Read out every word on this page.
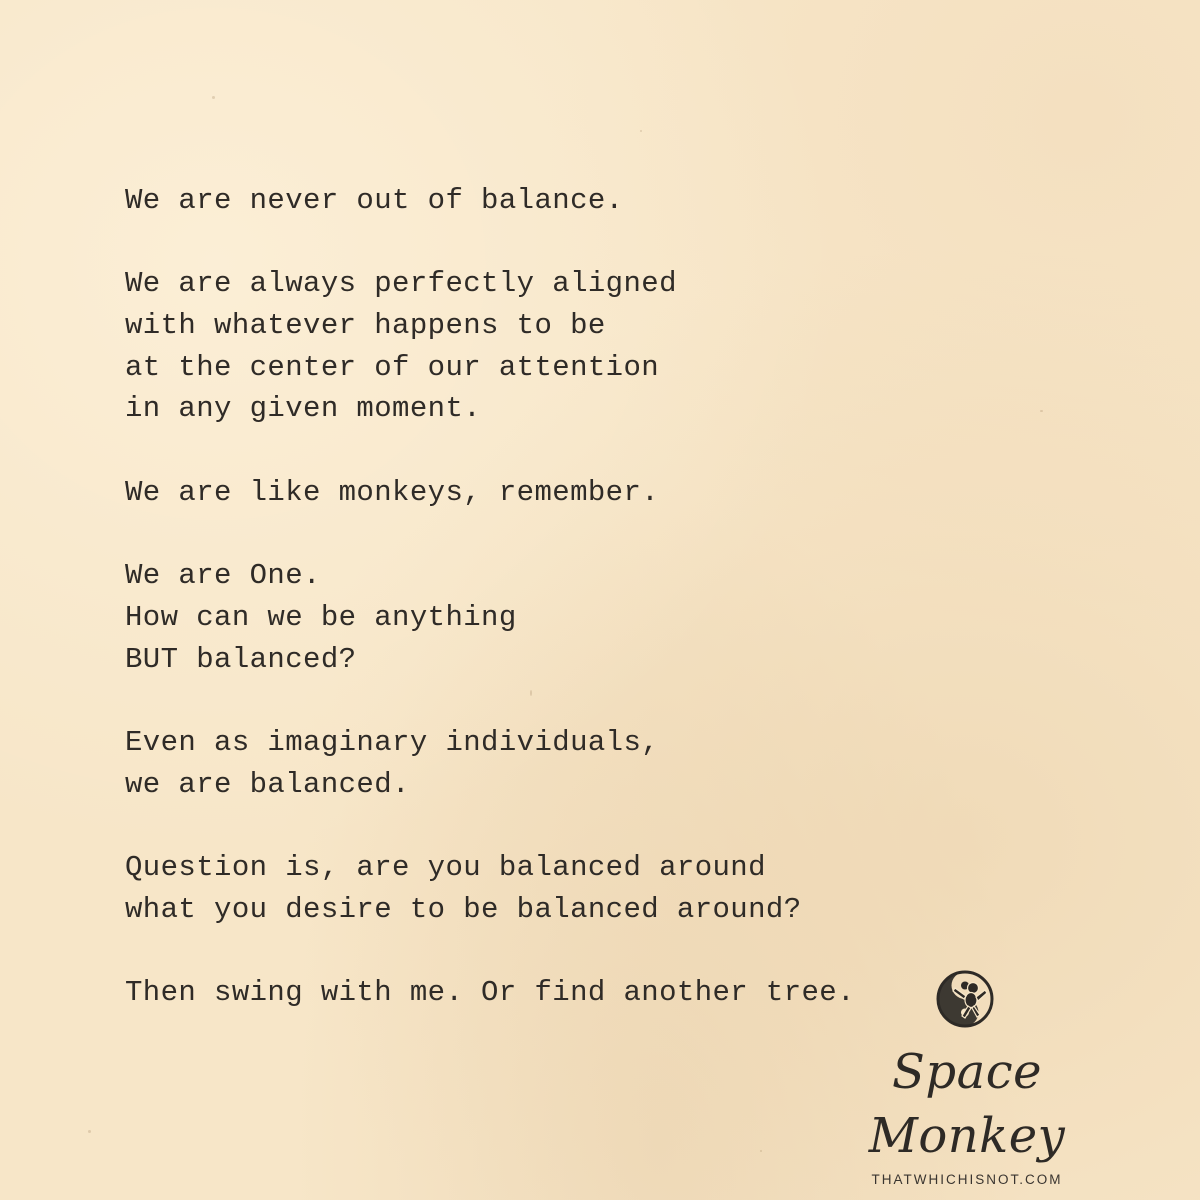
We are never out of balance.
We are always perfectly aligned
with whatever happens to be
at the center of our attention
in any given moment.
We are like monkeys, remember.
We are One.
How can we be anything
BUT balanced?
Even as imaginary individuals,
we are balanced.
Question is, are you balanced around
what you desire to be balanced around?
Then swing with me. Or find another tree.
Space Monkey
THATWHICHISNOT.COM
